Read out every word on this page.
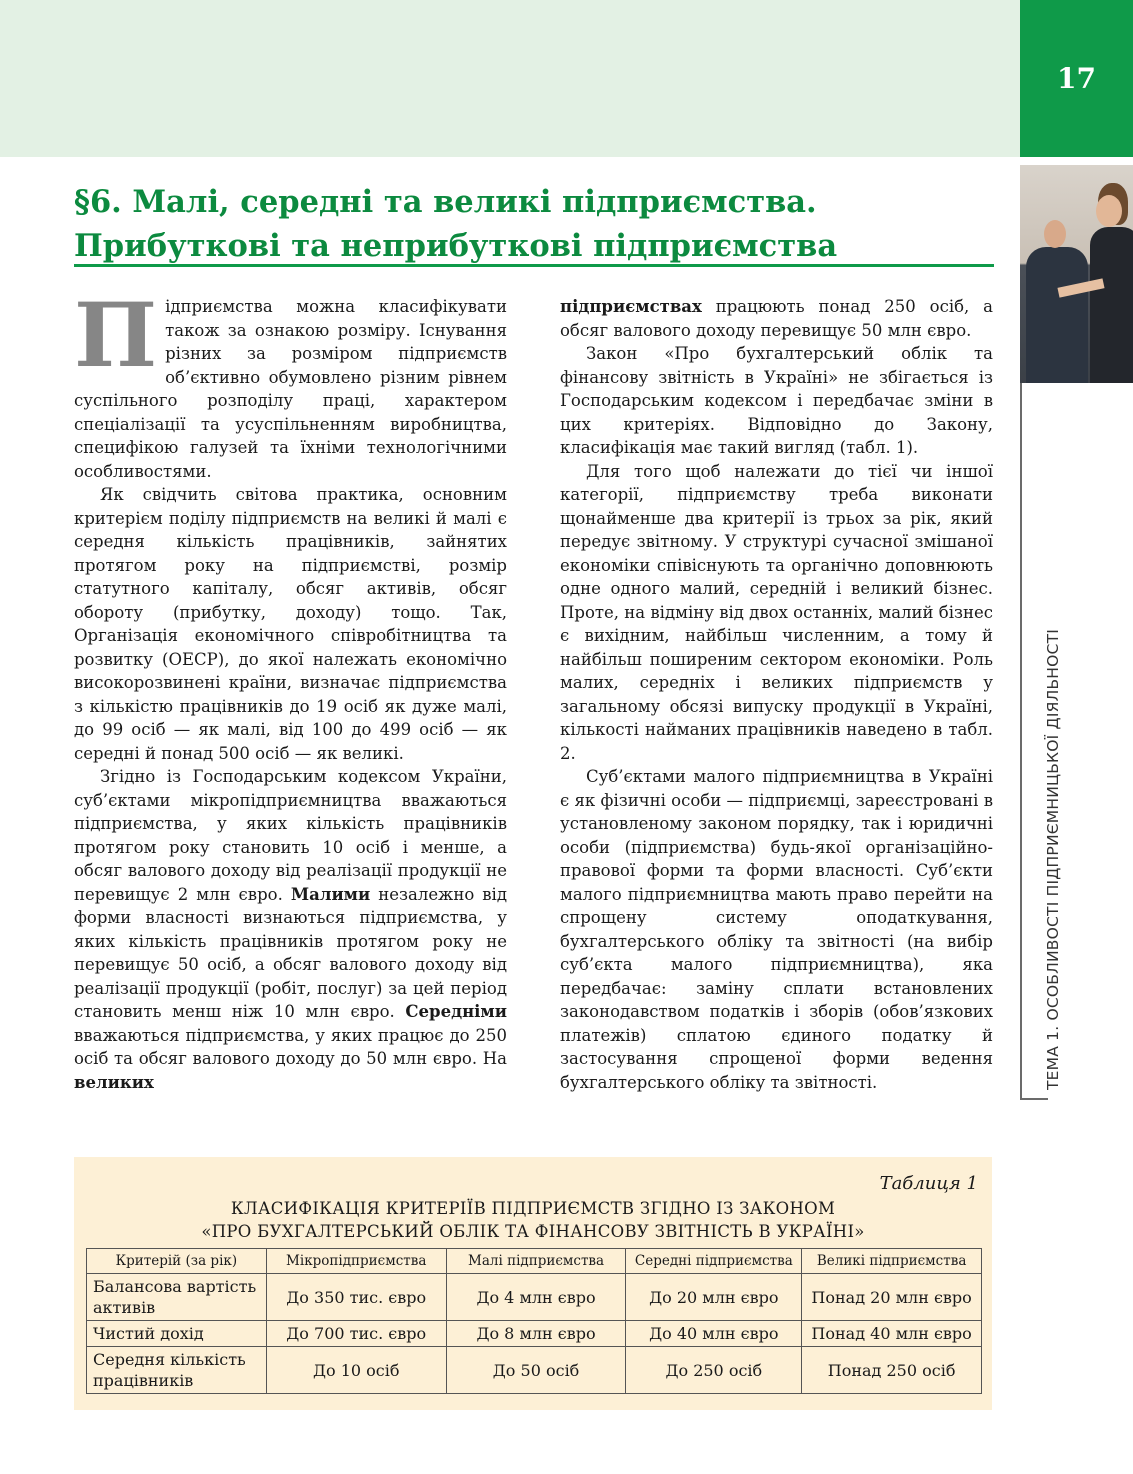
17
ТЕМА 1. ОСОБЛИВОСТІ ПІДПРИЄМНИЦЬКОЇ ДІЯЛЬНОСТІ
§6. Малі, середні та великі підприємства.
Прибуткові та неприбуткові підприємства

Підприємства можна класифікувати також за ознакою розміру. Існування різних за розміром підприємств об’єктивно обумовлено різним рівнем суспільного розподілу праці, характером спеціалізації та усуспільненням виробництва, специфікою галузей та їхніми технологічними особливостями.

Як свідчить світова практика, основним критерієм поділу підприємств на великі й малі є середня кількість працівників, зайнятих протягом року на підприємстві, розмір статутного капіталу, обсяг активів, обсяг обороту (прибутку, доходу) тощо. Так, Організація економічного співробітництва та розвитку (ОЕСР), до якої належать економічно високорозвинені країни, визначає підприємства з кількістю працівників до 19 осіб як дуже малі, до 99 осіб — як малі, від 100 до 499 осіб — як середні й понад 500 осіб — як великі.

Згідно із Господарським кодексом України, суб’єктами мікропідприємництва вважаються підприємства, у яких кількість працівників протягом року становить 10 осіб і менше, а обсяг валового доходу від реалізації продукції не перевищує 2 млн євро. Малими незалежно від форми власності визнаються підприємства, у яких кількість працівників протягом року не перевищує 50 осіб, а обсяг валового доходу від реалізації продукції (робіт, послуг) за цей період становить менш ніж 10 млн євро. Середніми вважаються підприємства, у яких працює до 250 осіб та обсяг валового доходу до 50 млн євро. На великих

підприємствах працюють понад 250 осіб, а обсяг валового доходу перевищує 50 млн євро.

Закон «Про бухгалтерський облік та фінансову звітність в Україні» не збігається із Господарським кодексом і передбачає зміни в цих критеріях. Відповідно до Закону, класифікація має такий вигляд (табл. 1).

Для того щоб належати до тієї чи іншої категорії, підприємству треба виконати щонайменше два критерії із трьох за рік, який передує звітному. У структурі сучасної змішаної економіки співіснують та органічно доповнюють одне одного малий, середній і великий бізнес. Проте, на відміну від двох останніх, малий бізнес є вихідним, найбільш численним, а тому й найбільш поширеним сектором економіки. Роль малих, середніх і великих підприємств у загальному обсязі випуску продукції в Україні, кількості найманих працівників наведено в табл. 2.

Суб’єктами малого підприємництва в Україні є як фізичні особи — підприємці, зареєстровані в установленому законом порядку, так і юридичні особи (підприємства) будь-якої організаційно-правової форми та форми власності. Суб’єкти малого підприємництва мають право перейти на спрощену систему оподаткування, бухгалтерського обліку та звітності (на вибір суб’єкта малого підприємництва), яка передбачає: заміну сплати встановлених законодавством податків і зборів (обов’язкових платежів) сплатою єдиного податку й застосування спрощеної форми ведення бухгалтерського обліку та звітності.

Таблиця 1
КЛАСИФІКАЦІЯ КРИТЕРІЇВ ПІДПРИЄМСТВ ЗГІДНО ІЗ ЗАКОНОМ
«ПРО БУХГАЛТЕРСЬКИЙ ОБЛІК ТА ФІНАНСОВУ ЗВІТНІСТЬ В УКРАЇНІ»
Критерій (за рік)	Мікропідприємства	Малі підприємства	Середні підприємства	Великі підприємства
Балансова вартість активів	До 350 тис. євро	До 4 млн євро	До 20 млн євро	Понад 20 млн євро
Чистий дохід	До 700 тис. євро	До 8 млн євро	До 40 млн євро	Понад 40 млн євро
Середня кількість працівників	До 10 осіб	До 50 осіб	До 250 осіб	Понад 250 осіб
